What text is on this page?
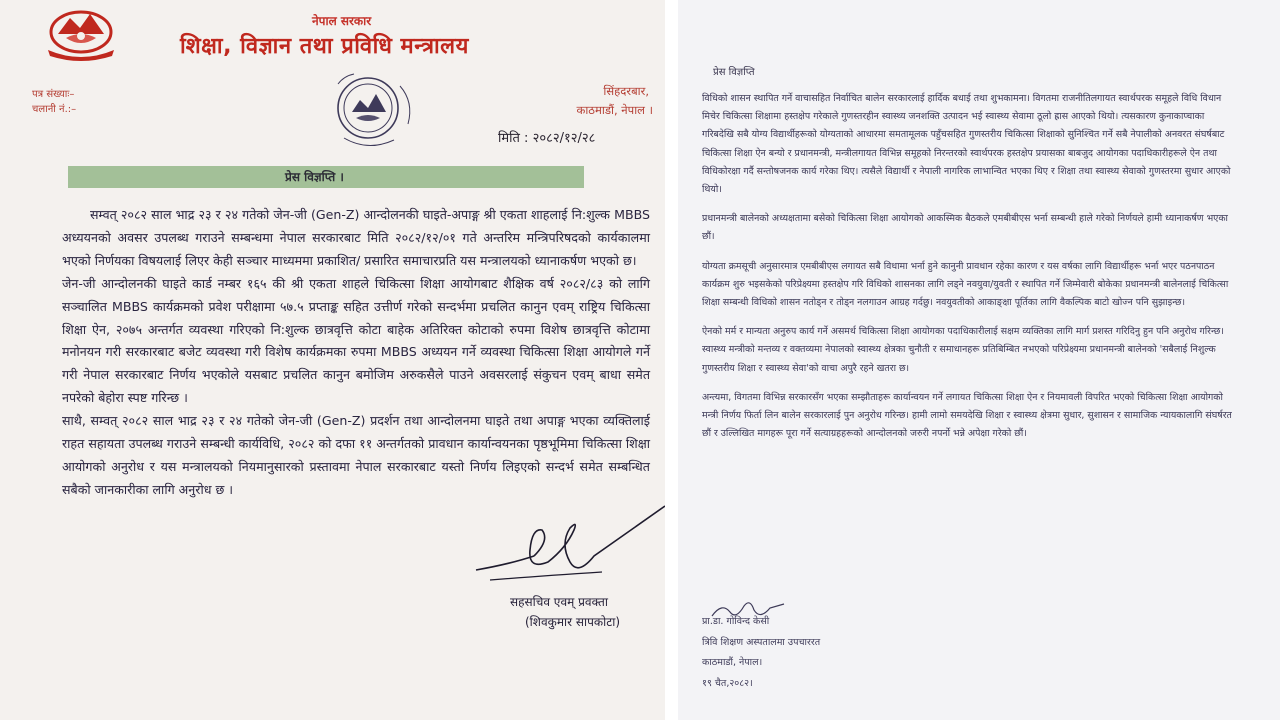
नेपाल सरकार
शिक्षा, विज्ञान तथा प्रविधि मन्त्रालय
पत्र संख्याः–
चलानी नं.:–
सिंहदरबार,
काठमाडौं, नेपाल ।
मिति : २०८२/१२/२८
प्रेस विज्ञप्ति ।

सम्वत् २०८२ साल भाद्र २३ र २४ गतेको जेन-जी (Gen-Z) आन्दोलनकी घाइते-अपाङ्ग श्री एकता शाहलाई नि:शुल्क MBBS अध्ययनको अवसर उपलब्ध गराउने सम्बन्धमा नेपाल सरकारबाट मिति २०८२/१२/०१ गते अन्तरिम मन्त्रिपरिषदको कार्यकालमा भएको निर्णयका विषयलाई लिएर केही सञ्चार माध्यममा प्रकाशित/ प्रसारित समाचारप्रति यस मन्त्रालयको ध्यानाकर्षण भएको छ।

जेन-जी आन्दोलनकी घाइते कार्ड नम्बर १६५ की श्री एकता शाहले चिकित्सा शिक्षा आयोगबाट शैक्षिक वर्ष २०८२/८३ को लागि सञ्चालित MBBS कार्यक्रमको प्रवेश परीक्षामा ५७.५ प्रप्ताङ्क सहित उत्तीर्ण गरेको सन्दर्भमा प्रचलित कानुन एवम् राष्ट्रिय चिकित्सा शिक्षा ऐन, २०७५ अन्तर्गत व्यवस्था गरिएको नि:शुल्क छात्रवृत्ति कोटा बाहेक अतिरिक्त कोटाको रुपमा विशेष छात्रवृत्ति कोटामा मनोनयन गरी सरकारबाट बजेट व्यवस्था गरी विशेष कार्यक्रमका रुपमा MBBS अध्ययन गर्ने व्यवस्था चिकित्सा शिक्षा आयोगले गर्ने गरी नेपाल सरकारबाट निर्णय भएकोले यसबाट प्रचलित कानुन बमोजिम अरुकसैले पाउने अवसरलाई संकुचन एवम् बाधा समेत नपरेको बेहोरा स्पष्ट गरिन्छ ।

साथै, सम्वत् २०८२ साल भाद्र २३ र २४ गतेको जेन-जी (Gen-Z) प्रदर्शन तथा आन्दोलनमा घाइते तथा अपाङ्ग भएका व्यक्तिलाई राहत सहायता उपलब्ध गराउने सम्बन्धी कार्यविधि, २०८२ को दफा ११ अन्तर्गतको प्रावधान कार्यान्वयनका पृष्ठभूमिमा चिकित्सा शिक्षा आयोगको अनुरोध र यस मन्त्रालयको नियमानुसारको प्रस्तावमा नेपाल सरकारबाट यस्तो निर्णय लिइएको सन्दर्भ समेत सम्बन्धित सबैको जानकारीका लागि अनुरोध छ ।

सहसचिव एवम् प्रवक्ता
(शिवकुमार सापकोटा)
प्रेस विज्ञप्ति

विधिको शासन स्थापित गर्ने वाचासहित निर्वाचित बालेन सरकारलाई हार्दिक बधाई तथा शुभकामना। विगतमा राजनीतिलगायत स्वार्थपरक समूहले विधि विधान मिचेर चिकित्सा शिक्षामा हस्तक्षेप गरेकाले गुणस्तरहीन स्वास्थ्य जनशक्ति उत्पादन भई स्वास्थ्य सेवामा ठूलो ह्रास आएको थियो। त्यसकारण कुनाकाप्चाका गरिबदेखि सबै योग्य विद्यार्थीहरूको योग्यताको आधारमा समतामूलक पहुँचसहित गुणस्तरीय चिकित्सा शिक्षाको सुनिश्चित गर्ने सबै नेपालीको अनवरत संघर्षबाट चिकित्सा शिक्षा ऐन बन्यो र प्रधानमन्त्री, मन्त्रीलगायत विभिन्न समूहको निरन्तरको स्वार्थपरक हस्तक्षेप प्रयासका बाबजुद आयोगका पदाधिकारीहरूले ऐन तथा विधिकोरक्षा गर्दै सन्तोषजनक कार्य गरेका थिए। त्यसैले विद्यार्थी र नेपाली नागरिक लाभान्वित भएका थिए र शिक्षा तथा स्वास्थ्य सेवाको गुणस्तरमा सुधार आएको थियो।

प्रधानमन्त्री बालेनको अध्यक्षतामा बसेको चिकित्सा शिक्षा आयोगको आकस्मिक बैठकले एमबीबीएस भर्ना सम्बन्धी हाले गरेको निर्णयले हामी ध्यानाकर्षण भएका छौं।

योग्यता क्रमसूची अनुसारमात्र एमबीबीएस लगायत सबै विधामा भर्ना हुने कानुनी प्रावधान रहेका कारण र यस वर्षका लागि विद्यार्थीहरू भर्ना भएर पठनपाठन कार्यक्रम शुरु भइसकेको परिप्रेक्ष्यमा हस्तक्षेप गरि विधिको शासनका लागि लड्ने नवयुवा/युवती र स्थापित गर्ने जिम्मेवारी बोकेका प्रधानमन्त्री बालेनलाई चिकित्सा शिक्षा सम्बन्धी विधिको शासन नतोड्न र तोड्न नलगाउन आग्रह गर्दछु। नवयुवतीको आकाङ्क्षा पूर्तिका लागि वैकल्पिक बाटो खोज्न पनि सुझाइन्छ।

ऐनको मर्म र मान्यता अनुरुप कार्य गर्ने असमर्थ चिकित्सा शिक्षा आयोगका पदाधिकारीलाई सक्षम व्यक्तिका लागि मार्ग प्रशस्त गरिदिनु हुन पनि अनुरोध गरिन्छ। स्वास्थ्य मन्त्रीको मन्तव्य र वक्तव्यमा नेपालको स्वास्थ्य क्षेत्रका चुनौती र समाधानहरू प्रतिबिम्बित नभएको परिप्रेक्ष्यमा प्रधानमन्त्री बालेनको 'सबैलाई निशुल्क गुणस्तरीय शिक्षा र स्वास्थ्य सेवा'को वाचा अपुरै रहने खतरा छ।

अन्त्यमा, विगतमा विभिन्न सरकारसँग भएका सम्झौताहरू कार्यान्वयन गर्ने लगायत चिकित्सा शिक्षा ऐन र नियमावली विपरित भएको चिकित्सा शिक्षा आयोगको मन्त्री निर्णय फिर्ता लिन बालेन सरकारलाई पुन अनुरोध गरिन्छ। हामी लामो समयदेखि शिक्षा र स्वास्थ्य क्षेत्रमा सुधार, सुशासन र सामाजिक न्यायकालागि संघर्षरत छौं र उल्लिखित मागहरू पूरा गर्ने सत्याग्रहहरूको आन्दोलनको जरुरी नपर्नो भन्ने अपेक्षा गरेको छौं।

प्रा.डा. गोविन्द केसी
त्रिवि शिक्षण अस्पतालमा उपचाररत
काठमाडौं, नेपाल।
१९ चैत,२०८२।
